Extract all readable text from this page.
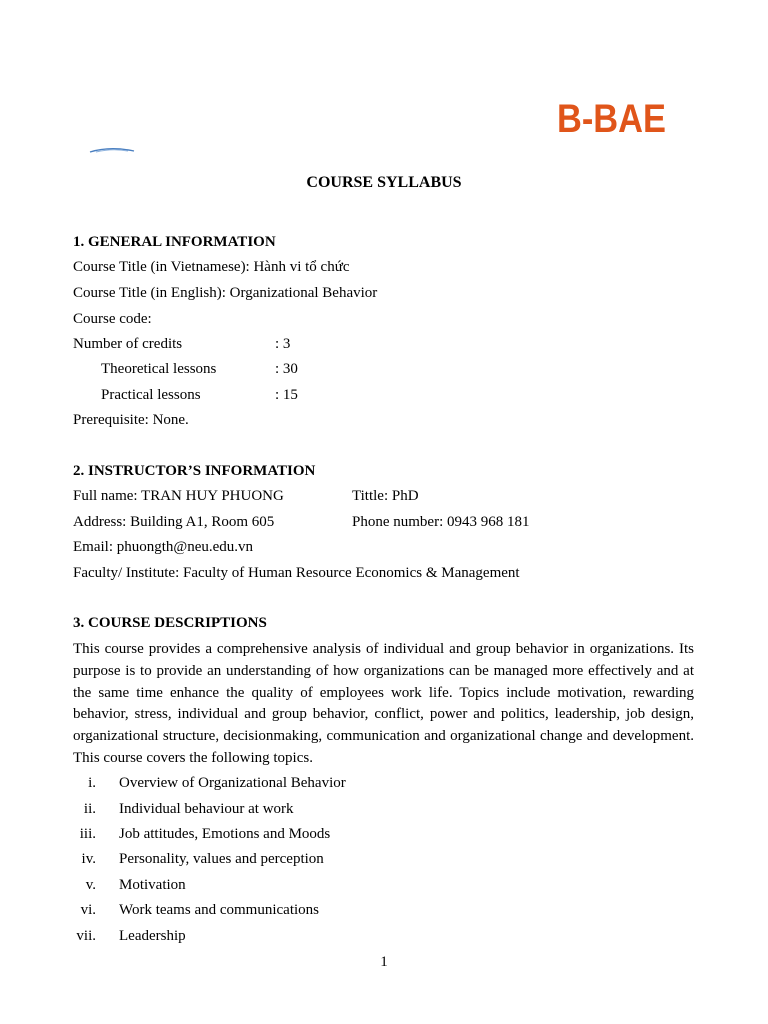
B-BAE
COURSE SYLLABUS
1. GENERAL INFORMATION
Course Title (in Vietnamese): Hành vi tổ chức
Course Title (in English): Organizational Behavior
Course code:
Number of credits	: 3
Theoretical lessons	: 30
Practical lessons	: 15
Prerequisite: None.
2. INSTRUCTOR’S INFORMATION
Full name: TRAN HUY PHUONG	Tittle: PhD
Address: Building A1, Room 605	Phone number: 0943 968 181
Email: phuongth@neu.edu.vn
Faculty/ Institute: Faculty of Human Resource Economics & Management
3. COURSE DESCRIPTIONS
This course provides a comprehensive analysis of individual and group behavior in organizations. Its purpose is to provide an understanding of how organizations can be managed more effectively and at the same time enhance the quality of employees work life. Topics include motivation, rewarding behavior, stress, individual and group behavior, conflict, power and politics, leadership, job design, organizational structure, decisionmaking, communication and organizational change and development. This course covers the following topics.
i. Overview of Organizational Behavior
ii. Individual behaviour at work
iii. Job attitudes, Emotions and Moods
iv. Personality, values and perception
v. Motivation
vi. Work teams and communications
vii. Leadership
1
